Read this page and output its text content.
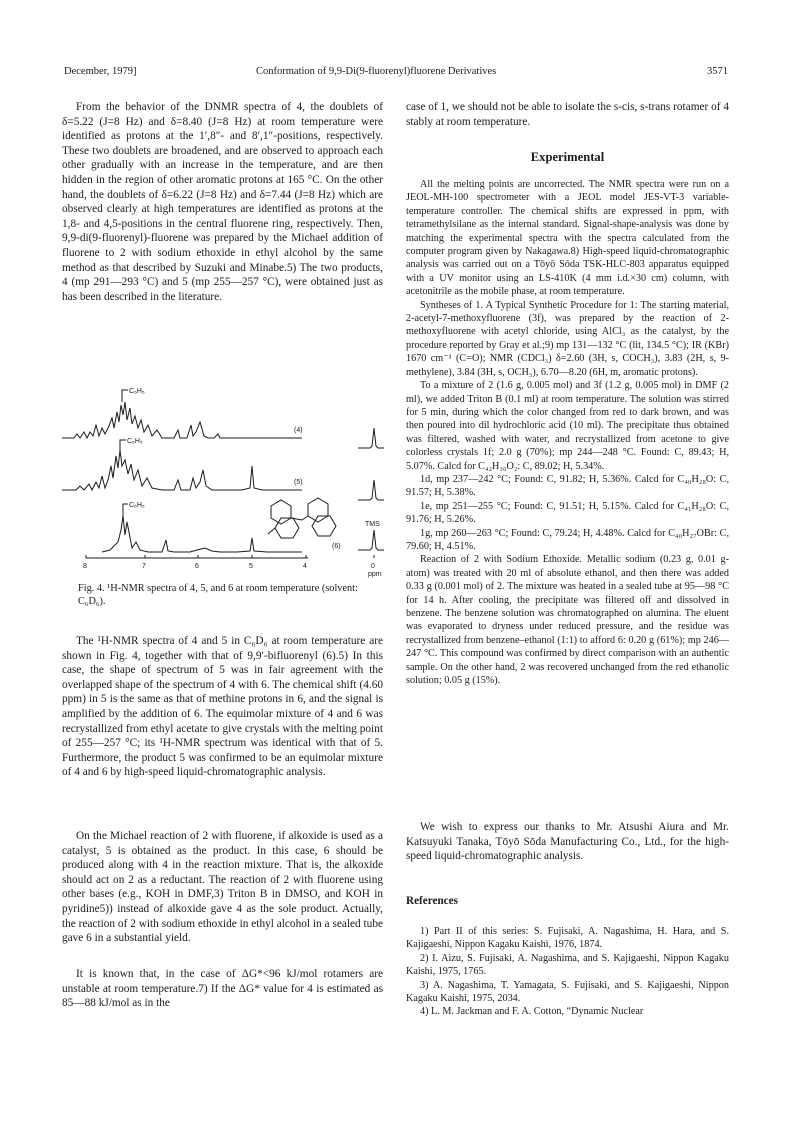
December, 1979]	Conformation of 9,9-Di(9-fluorenyl)fluorene Derivatives	3571

From the behavior of the DNMR spectra of 4, the doublets of δ=5.22 (J=8 Hz) and δ=8.40 (J=8 Hz) at room temperature were identified as protons at the 1′,8″- and 8′,1″-positions, respectively. These two doublets are broadened, and are observed to approach each other gradually with an increase in the temperature, and are then hidden in the region of other aromatic protons at 165 °C. On the other hand, the doublets of δ=6.22 (J=8 Hz) and δ=7.44 (J=8 Hz) which are observed clearly at high temperatures are identified as protons at the 1,8- and 4,5-positions in the central fluorene ring, respectively. Then, 9,9-di(9-fluorenyl)-fluorene was prepared by the Michael addition of fluorene to 2 with sodium ethoxide in ethyl alcohol by the same method as that described by Suzuki and Minabe.5) The two products, 4 (mp 291—293 °C) and 5 (mp 255—257 °C), were obtained just as has been described in the literature.

C₆H₅
C₆H₅
C₆H₅
(4)
(5)
(6)
TMS
8	7	6	5	4	0
ppm

Fig. 4. ¹H-NMR spectra of 4, 5, and 6 at room temperature (solvent: C₆D₆).

The ¹H-NMR spectra of 4 and 5 in C₆D₆ at room temperature are shown in Fig. 4, together with that of 9,9′-bifluorenyl (6).5) In this case, the shape of spectrum of 5 was in fair agreement with the overlapped shape of the spectrum of 4 with 6. The chemical shift (4.60 ppm) in 5 is the same as that of methine protons in 6, and the signal is amplified by the addition of 6. The equimolar mixture of 4 and 6 was recrystallized from ethyl acetate to give crystals with the melting point of 255—257 °C; its ¹H-NMR spectrum was identical with that of 5. Furthermore, the product 5 was confirmed to be an equimolar mixture of 4 and 6 by high-speed liquid-chromatographic analysis.

On the Michael reaction of 2 with fluorene, if alkoxide is used as a catalyst, 5 is obtained as the product. In this case, 6 should be produced along with 4 in the reaction mixture. That is, the alkoxide should act on 2 as a reductant. The reaction of 2 with fluorene using other bases (e.g., KOH in DMF,3) Triton B in DMSO, and KOH in pyridine5)) instead of alkoxide gave 4 as the sole product. Actually, the reaction of 2 with sodium ethoxide in ethyl alcohol in a sealed tube gave 6 in a substantial yield.

It is known that, in the case of ΔG*<96 kJ/mol rotamers are unstable at room temperature.7) If the ΔG* value for 4 is estimated as 85—88 kJ/mol as in the

case of 1, we should not be able to isolate the s-cis, s-trans rotamer of 4 stably at room temperature.

Experimental

All the melting points are uncorrected. The NMR spectra were run on a JEOL-MH-100 spectrometer with a JEOL model JES-VT-3 variable-temperature controller. The chemical shifts are expressed in ppm, with tetramethylsilane as the internal standard. Signal-shape-analysis was done by matching the experimental spectra with the spectra calculated from the computer program given by Nakagawa.8) High-speed liquid-chromatographic analysis was carried out on a Tōyō Sōda TSK-HLC-803 apparatus equipped with a UV monitor using an LS-410K (4 mm i.d.×30 cm) column, with acetonitrile as the mobile phase, at room temperature.

Syntheses of 1. A Typical Synthetic Procedure for 1: The starting material, 2-acetyl-7-methoxyfluorene (3f), was prepared by the reaction of 2-methoxyfluorene with acetyl chloride, using AlCl₃ as the catalyst, by the procedure reported by Gray et al.;9) mp 131—132 °C (lit, 134.5 °C); IR (KBr) 1670 cm⁻¹ (C=O); NMR (CDCl₃) δ=2.60 (3H, s, COCH₃), 3.83 (2H, s, 9-methylene), 3.84 (3H, s, OCH₃), 6.70—8.20 (6H, m, aromatic protons).

To a mixture of 2 (1.6 g, 0.005 mol) and 3f (1.2 g, 0.005 mol) in DMF (2 ml), we added Triton B (0.1 ml) at room temperature. The solution was stirred for 5 min, during which the color changed from red to dark brown, and was then poured into dil hydrochloric acid (10 ml). The precipitate thus obtained was filtered, washed with water, and recrystallized from acetone to give colorless crystals 1f; 2.0 g (70%); mp 244—248 °C. Found: C, 89.43; H, 5.07%. Calcd for C₄₂H₃₀O₂: C, 89.02; H, 5.34%.

1d, mp 237—242 °C; Found: C, 91.82; H, 5.36%. Calcd for C₄₀H₂₈O: C, 91.57; H, 5.38%.

1e, mp 251—255 °C; Found: C, 91.51; H, 5.15%. Calcd for C₄₁H₂₈O: C, 91.76; H, 5.26%.

1g, mp 260—263 °C; Found: C, 79.24; H, 4.48%. Calcd for C₄₀H₂₇OBr: C, 79.60; H, 4.51%.

Reaction of 2 with Sodium Ethoxide. Metallic sodium (0.23 g, 0.01 g-atom) was treated with 20 ml of absolute ethanol, and then there was added 0.33 g (0.001 mol) of 2. The mixture was heated in a sealed tube at 95—98 °C for 14 h. After cooling, the precipitate was filtered off and dissolved in benzene. The benzene solution was chromatographed on alumina. The eluent was evaporated to dryness under reduced pressure, and the residue was recrystallized from benzene–ethanol (1:1) to afford 6: 0.20 g (61%); mp 246—247 °C. This compound was confirmed by direct comparison with an authentic sample. On the other hand, 2 was recovered unchanged from the red ethanolic solution; 0.05 g (15%).

We wish to express our thanks to Mr. Atsushi Aiura and Mr. Katsuyuki Tanaka, Tōyō Sōda Manufacturing Co., Ltd., for the high-speed liquid-chromatographic analysis.

References

1) Part II of this series: S. Fujisaki, A. Nagashima, H. Hara, and S. Kajigaeshi, Nippon Kagaku Kaishi, 1976, 1874.

2) I. Aizu, S. Fujisaki, A. Nagashima, and S. Kajigaeshi, Nippon Kagaku Kaishi, 1975, 1765.

3) A. Nagashima, T. Yamagata, S. Fujisaki, and S. Kajigaeshi, Nippon Kagaku Kaishi, 1975, 2034.

4) L. M. Jackman and F. A. Cotton, “Dynamic Nuclear
